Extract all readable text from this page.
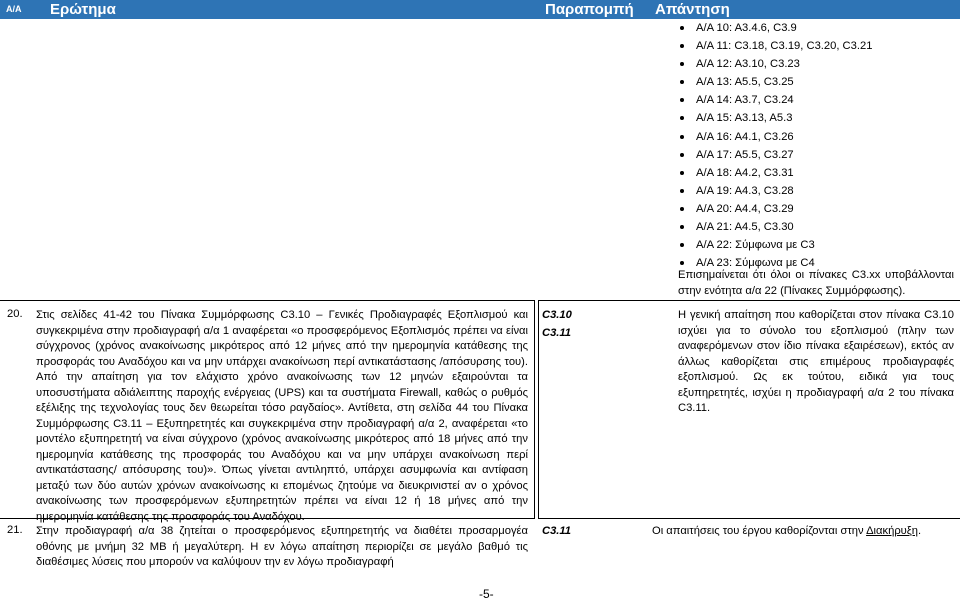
A/A Ερώτημα	Παραπομπή Απάντηση
Α/Α 10: Α3.4.6, C3.9
Α/Α 11: C3.18, C3.19, C3.20, C3.21
Α/Α 12: Α3.10, C3.23
Α/Α 13: Α5.5, C3.25
Α/Α 14: Α3.7, C3.24
Α/Α 15: Α3.13, Α5.3
Α/Α 16: Α4.1, C3.26
Α/Α 17: Α5.5, C3.27
Α/Α 18: Α4.2, C3.31
Α/Α 19: Α4.3, C3.28
Α/Α 20: Α4.4, C3.29
Α/Α 21: Α4.5, C3.30
Α/Α 22: Σύμφωνα με C3
Α/Α 23: Σύμφωνα με C4
Επισημαίνεται ότι όλοι οι πίνακες C3.xx υποβάλλονται στην ενότητα α/α 22 (Πίνακες Συμμόρφωσης).
20. Στις σελίδες 41-42 του Πίνακα Συμμόρφωσης C3.10 – Γενικές Προδιαγραφές Εξοπλισμού και συγκεκριμένα στην προδιαγραφή α/α 1 αναφέρεται «ο προσφερόμενος Εξοπλισμός πρέπει να είναι σύγχρονος (χρόνος ανακοίνωσης μικρότερος από 12 μήνες από την ημερομηνία κατάθεσης της προσφοράς του Αναδόχου και να μην υπάρχει ανακοίνωση περί αντικατάστασης /απόσυρσης του). Από την απαίτηση για τον ελάχιστο χρόνο ανακοίνωσης των 12 μηνών εξαιρούνται τα υποσυστήματα αδιάλειπτης παροχής ενέργειας (UPS) και τα συστήματα Firewall, καθώς ο ρυθμός εξέλιξης της τεχνολογίας τους δεν θεωρείται τόσο ραγδαίος». Αντίθετα, στη σελίδα 44 του Πίνακα Συμμόρφωσης C3.11 – Εξυπηρετητές και συγκεκριμένα στην προδιαγραφή α/α 2, αναφέρεται «το μοντέλο εξυπηρετητή να είναι σύγχρονο (χρόνος ανακοίνωσης μικρότερος από 18 μήνες από την ημερομηνία κατάθεσης της προσφοράς του Αναδόχου και να μην υπάρχει ανακοίνωση περί αντικατάστασης/ απόσυρσης του)». Όπως γίνεται αντιληπτό, υπάρχει ασυμφωνία και αντίφαση μεταξύ των δύο αυτών χρόνων ανακοίνωσης κι επομένως ζητούμε να διευκρινιστεί αν ο χρόνος ανακοίνωσης των προσφερόμενων εξυπηρετητών πρέπει να είναι 12 ή 18 μήνες από την ημερομηνία κατάθεσης της προσφοράς του Αναδόχου.
C3.10
C3.11
Η γενική απαίτηση που καθορίζεται στον πίνακα C3.10 ισχύει για το σύνολο του εξοπλισμού (πλην των αναφερόμενων στον ίδιο πίνακα εξαιρέσεων), εκτός αν άλλως καθορίζεται στις επιμέρους προδιαγραφές εξοπλισμού. Ως εκ τούτου, ειδικά για τους εξυπηρετητές, ισχύει η προδιαγραφή α/α 2 του πίνακα C3.11.
21. Στην προδιαγραφή α/α 38 ζητείται ο προσφερόμενος εξυπηρετητής να διαθέτει προσαρμογέα οθόνης με μνήμη 32 MB ή μεγαλύτερη. Η εν λόγω απαίτηση περιορίζει σε μεγάλο βαθμό τις διαθέσιμες λύσεις που μπορούν να καλύψουν την εν λόγω προδιαγραφή
C3.11	Οι απαιτήσεις του έργου καθορίζονται στην Διακήρυξη.
-5-
